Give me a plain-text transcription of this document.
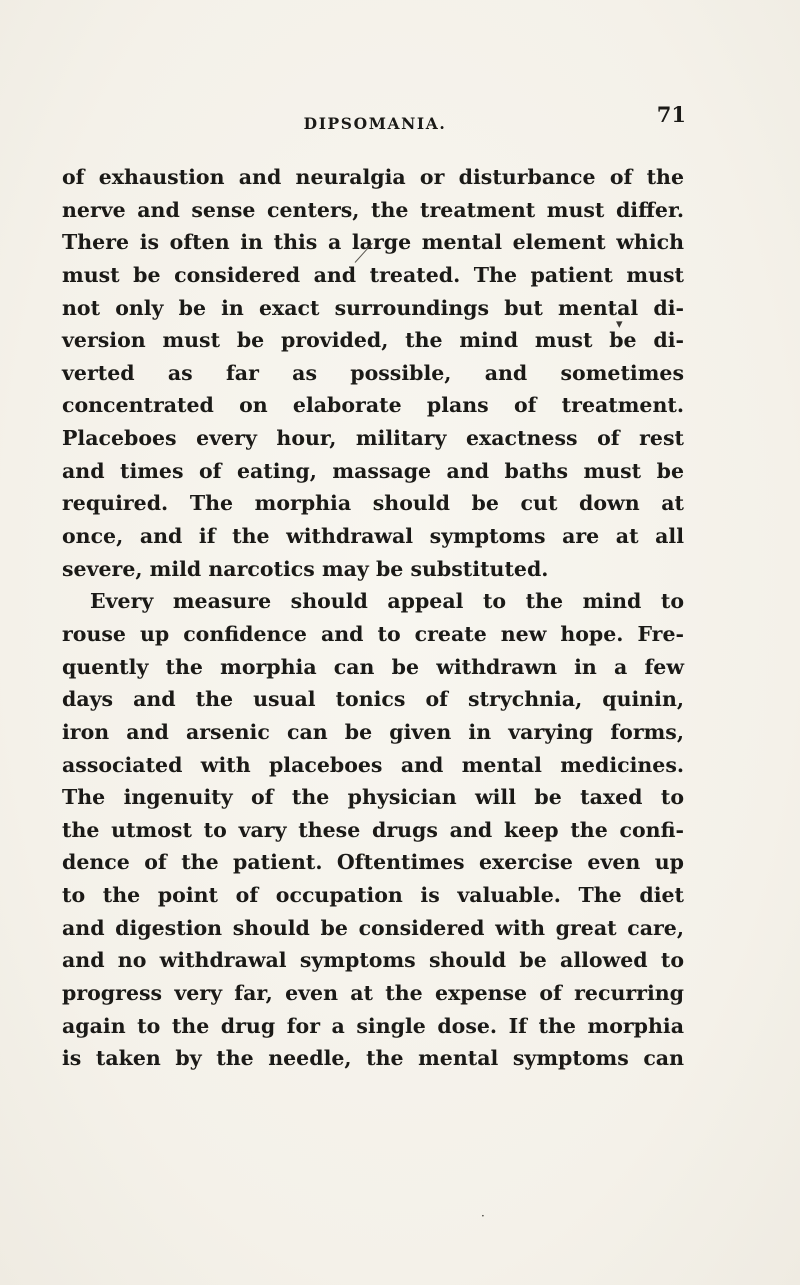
DIPSOMANIA.	71
of exhaustion and neuralgia or disturbance of the
nerve and sense centers, the treatment must differ.
There is often in this a large mental element which
must be considered and treated. The patient must
not only be in exact surroundings but mental di-
version must be provided, the mind must be di-
verted as far as possible, and sometimes
concentrated on elaborate plans of treatment.
Placeboes every hour, military exactness of rest
and times of eating, massage and baths must be
required. The morphia should be cut down at
once, and if the withdrawal symptoms are at all
severe, mild narcotics may be substituted.
Every measure should appeal to the mind to
rouse up confidence and to create new hope. Fre-
quently the morphia can be withdrawn in a few
days and the usual tonics of strychnia, quinin,
iron and arsenic can be given in varying forms,
associated with placeboes and mental medicines.
The ingenuity of the physician will be taxed to
the utmost to vary these drugs and keep the confi-
dence of the patient. Oftentimes exercise even up
to the point of occupation is valuable. The diet
and digestion should be considered with great care,
and no withdrawal symptoms should be allowed to
progress very far, even at the expense of recurring
again to the drug for a single dose. If the morphia
is taken by the needle, the mental symptoms can
▾
·
